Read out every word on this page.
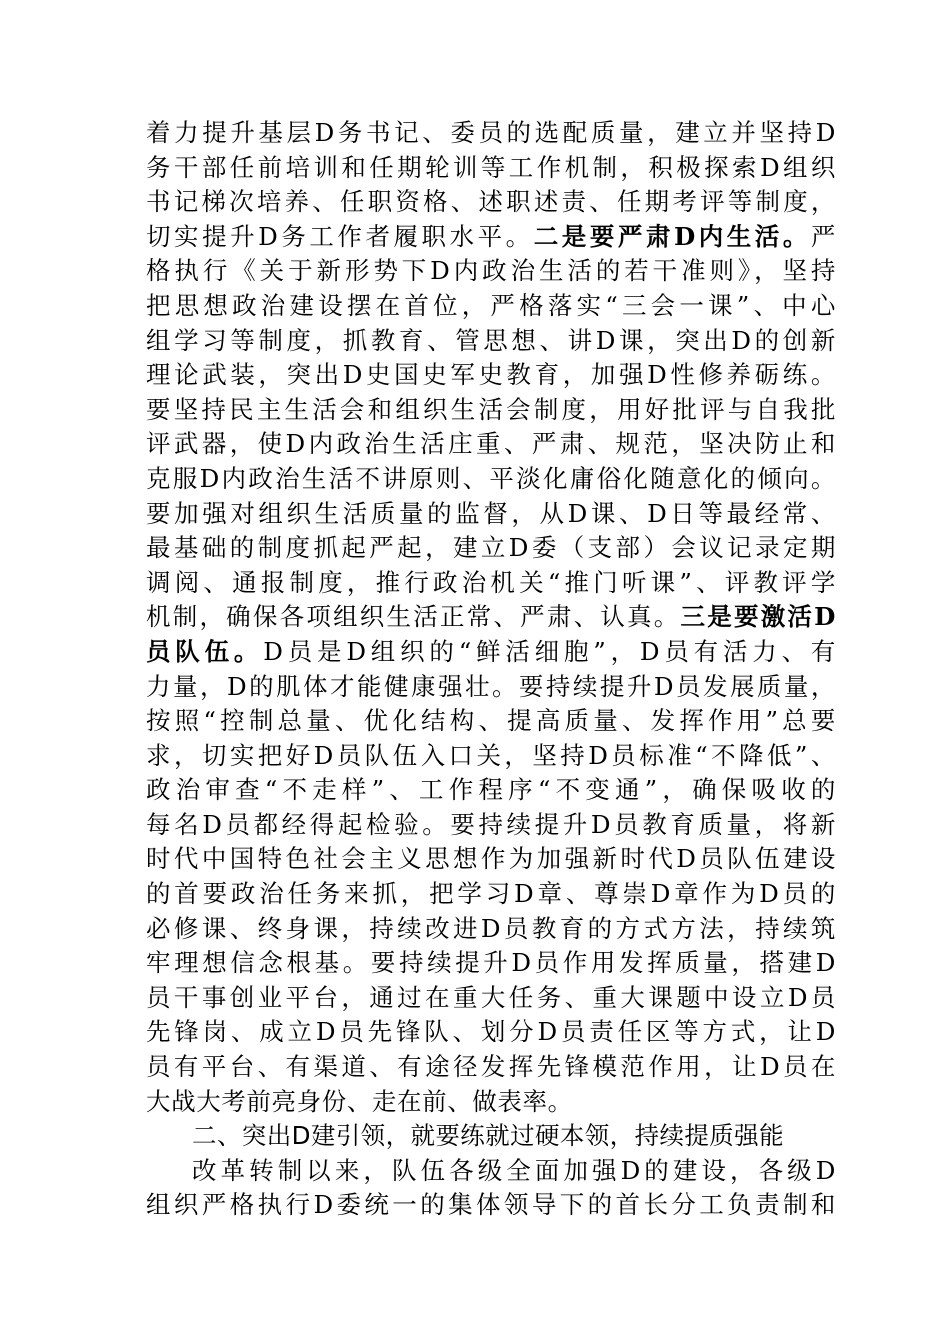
着力提升基层D务书记、委员的选配质量，建立并坚持D
务干部任前培训和任期轮训等工作机制，积极探索D组织
书记梯次培养、任职资格、述职述责、任期考评等制度，
切实提升D务工作者履职水平。二是要严肃D内生活。严
格执行《关于新形势下D内政治生活的若干准则》，坚持
把思想政治建设摆在首位，严格落实“三会一课”、中心
组学习等制度，抓教育、管思想、讲D课，突出D的创新
理论武装，突出D史国史军史教育，加强D性修养砺练。
要坚持民主生活会和组织生活会制度，用好批评与自我批
评武器，使D内政治生活庄重、严肃、规范，坚决防止和
克服D内政治生活不讲原则、平淡化庸俗化随意化的倾向。
要加强对组织生活质量的监督，从D课、D日等最经常、
最基础的制度抓起严起，建立D委（支部）会议记录定期
调阅、通报制度，推行政治机关“推门听课”、评教评学
机制，确保各项组织生活正常、严肃、认真。三是要激活D
员队伍。D员是D组织的“鲜活细胞”，D员有活力、有
力量，D的肌体才能健康强壮。要持续提升D员发展质量，
按照“控制总量、优化结构、提高质量、发挥作用”总要
求，切实把好D员队伍入口关，坚持D员标准“不降低”、
政治审查“不走样”、工作程序“不变通”，确保吸收的
每名D员都经得起检验。要持续提升D员教育质量，将新
时代中国特色社会主义思想作为加强新时代D员队伍建设
的首要政治任务来抓，把学习D章、尊崇D章作为D员的
必修课、终身课，持续改进D员教育的方式方法，持续筑
牢理想信念根基。要持续提升D员作用发挥质量，搭建D
员干事创业平台，通过在重大任务、重大课题中设立D员
先锋岗、成立D员先锋队、划分D员责任区等方式，让D
员有平台、有渠道、有途径发挥先锋模范作用，让D员在
大战大考前亮身份、走在前、做表率。
二、突出D建引领，就要练就过硬本领，持续提质强能
改革转制以来，队伍各级全面加强D的建设，各级D
组织严格执行D委统一的集体领导下的首长分工负责制和
